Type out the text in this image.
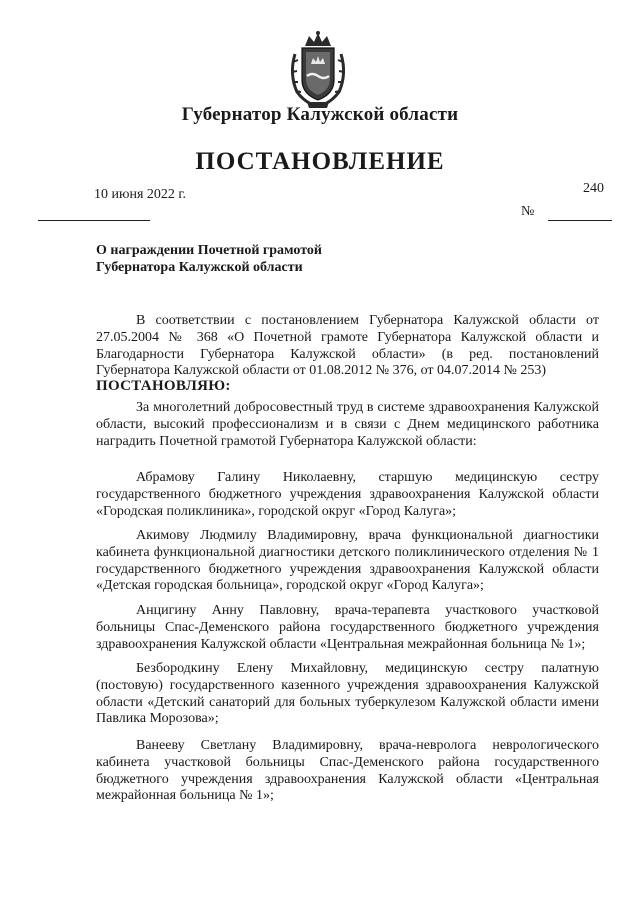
Губернатор Калужской области
ПОСТАНОВЛЕНИЕ
10 июня 2022 г.	240
№
О награждении Почетной грамотой
Губернатора Калужской области
В соответствии с постановлением Губернатора Калужской области от 27.05.2004 № 368 «О Почетной грамоте Губернатора Калужской области и Благодарности Губернатора Калужской области» (в ред. постановлений Губернатора Калужской области от 01.08.2012 № 376, от 04.07.2014 № 253)
ПОСТАНОВЛЯЮ:
За многолетний добросовестный труд в системе здравоохранения Калужской области, высокий профессионализм и в связи с Днем медицинского работника наградить Почетной грамотой Губернатора Калужской области:
Абрамову Галину Николаевну, старшую медицинскую сестру государственного бюджетного учреждения здравоохранения Калужской области «Городская поликлиника», городской округ «Город Калуга»;
Акимову Людмилу Владимировну, врача функциональной диагностики кабинета функциональной диагностики детского поликлинического отделения № 1 государственного бюджетного учреждения здравоохранения Калужской области «Детская городская больница», городской округ «Город Калуга»;
Анцигину Анну Павловну, врача-терапевта участкового участковой больницы Спас-Деменского района государственного бюджетного учреждения здравоохранения Калужской области «Центральная межрайонная больница № 1»;
Безбородкину Елену Михайловну, медицинскую сестру палатную (постовую) государственного казенного учреждения здравоохранения Калужской области «Детский санаторий для больных туберкулезом Калужской области имени Павлика Морозова»;
Ванееву Светлану Владимировну, врача-невролога неврологического кабинета участковой больницы Спас-Деменского района государственного бюджетного учреждения здравоохранения Калужской области «Центральная межрайонная больница № 1»;
